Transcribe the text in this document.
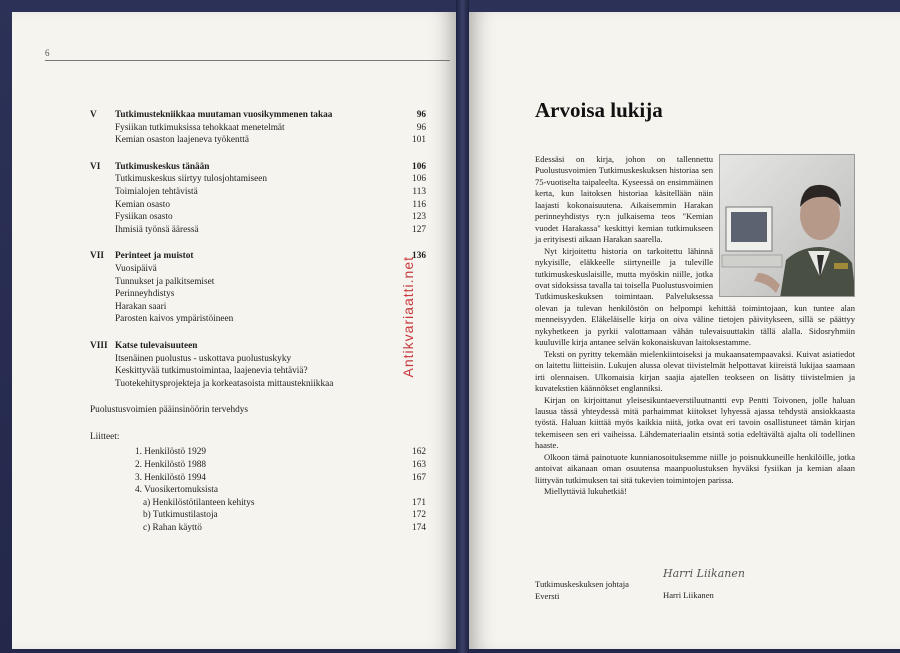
6
V	Tutkimustekniikkaa muutaman vuosikymmenen takaa	96
Fysiikan tutkimuksissa tehokkaat menetelmät	96
Kemian osaston laajeneva työkenttä	101
VI	Tutkimuskeskus tänään	106
Tutkimuskeskus siirtyy tulosjohtamiseen	106
Toimialojen tehtävistä	113
Kemian osasto	116
Fysiikan osasto	123
Ihmisiä työnsä ääressä	127
VII	Perinteet ja muistot	136
Vuosipäivä
Tunnukset ja palkitsemiset
Perinneyhdistys
Harakan saari
Parosten kaivos ympäristöineen
VIII Katse tulevaisuuteen
Itsenäinen puolustus - uskottava puolustuskyky
Keskittyvää tutkimustoimintaa, laajenevia tehtäviä?
Tuotekehitysprojekteja ja korkeatasoista mittaustekniikkaa
Puolustusvoimien pääinsinöörin tervehdys
Liitteet:
1. Henkilöstö 1929	162
2. Henkilöstö 1988	163
3. Henkilöstö 1994	167
4. Vuosikertomuksista
a) Henkilöstötilanteen kehitys	171
b) Tutkimustilastoja	172
c) Rahan käyttö	174
Antikvariaatti.net
Arvoisa lukija

Edessäsi on kirja, johon on tallennettu Puolustusvoimien Tutkimuskeskuksen historiaa sen 75-vuotiselta taipaleelta. Kyseessä on ensimmäinen kerta, kun laitoksen historiaa käsitellään näin laajasti kokonaisuutena. Aikaisemmin Harakan perinneyhdistys ry:n julkaisema teos "Kemian vuodet Harakassa" keskittyi kemian tutkimukseen ja erityisesti aikaan Harakan saarella.

Nyt kirjoitettu historia on tarkoitettu lähinnä nykyisille, eläkkeelle siirtyneille ja tuleville tutkimuskeskuslaisille, mutta myöskin niille, jotka ovat sidoksissa tavalla tai toisella Puolustusvoimien Tutkimuskeskuksen toimintaan. Palveluksessa olevan ja tulevan henkilöstön on helpompi kehittää toimintojaan, kun tuntee alan menneisyyden. Eläkeläiselle kirja on oiva väline tietojen päivitykseen, sillä se päättyy nykyhetkeen ja pyrkii valottamaan vähän tulevaisuuttakin tällä alalla. Sidosryhmiin kuuluville kirja antanee selvän kokonaiskuvan laitoksestamme.

Teksti on pyritty tekemään mielenkiintoiseksi ja mukaansatempaavaksi. Kuivat asiatiedot on laitettu liitteisiin. Lukujen alussa olevat tiivistelmät helpottavat kiireistä lukijaa saamaan irti olennaisen. Ulkomaisia kirjan saajia ajatellen teokseen on lisätty tiivistelmien ja kuvatekstien käännökset englanniksi.

Kirjan on kirjoittanut yleisesikuntaeverstiluutnantti evp Pentti Toivonen, jolle haluan lausua tässä yhteydessä mitä parhaimmat kiitokset lyhyessä ajassa tehdystä ansiokkaasta työstä. Haluan kiittää myös kaikkia niitä, jotka ovat eri tavoin osallistuneet tämän kirjan tekemiseen sen eri vaiheissa. Lähdemateriaalin etsintä sotia edeltävältä ajalta oli todellinen haaste.

Olkoon tämä painotuote kunnianosoituksemme niille jo poisnukkuneille henkilöille, jotka antoivat aikanaan oman osuutensa maanpuolustuksen hyväksi fysiikan ja kemian alaan liittyvän tutkimuksen tai sitä tukevien toimintojen parissa.

Miellyttäviä lukuhetkiä!

Harri Liikanen
Tutkimuskeskuksen johtaja
Eversti	Harri Liikanen
